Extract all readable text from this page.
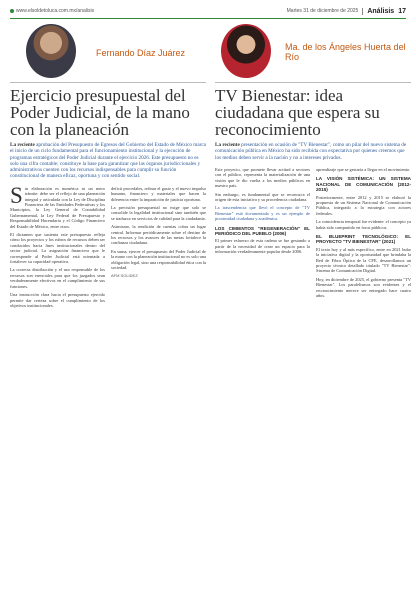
www.elsoldetoluca.com.mx/analisis	Martes 31 de diciembre de 2025 Análisis 17
Fernando Díaz Juárez
Ejercicio presupuestal del Poder Judicial, de la mano con la planeación
La reciente aprobación del Presupuesto de Egresos del Gobierno del Estado de México marca el inicio de un ciclo fundamental para el funcionamiento institucional y la ejecución de programas estratégicos del Poder Judicial durante el ejercicio 2026. Este presupuesto no es solo una cifra contable; constituye la base para garantizar que las órganos jurisdiccionales y administrativos cuenten con los recursos indispensables para cumplir su función constitucional de manera eficaz, oportuna y con sentido social.

Sin elaboración es numérica ni un mero trámite: debe ser el reflejo de una planeación integral y articulada con la Ley de Disciplina Financiera de las Entidades Federativas y los Municipios, la Ley General de Contabilidad Gubernamental, la Ley Federal de Presupuesto y Responsabilidad Hacendaria y el Código Financiero del Estado de México, entre otros.

El dictamen que sustenta este presupuesto refleja cómo los proyectos y los rubros de recursos deben ser conducidos hacia fines institucionales dentro del sector judicial. La asignación financiera que le corresponde al Poder Judicial está orientada a fortalecer su capacidad operativa.

La correcta distribución y el uso responsable de los recursos son esenciales para que los juzgados sean verdaderamente efectivos en el cumplimiento de sus funciones.

Una instrucción clara hacia el presupuesto ejercido permite dar certeza sobre el cumplimiento de los objetivos institucionales.

deficit procedales, refinar el gasto y el nuevo impulso humano, financiero y materiales que hacen la diferencia entre la impartición de justicia oportuna.

La precisión presupuestal no exige que solo se consolide la legalidad institucional sino también que se traduzca en servicios de calidad para la ciudadanía.

Asimismo, la rendición de cuentas cobra un lugar central. Informar periódicamente sobre el destino de los recursos y los avances de las metas fortalece la confianza ciudadana.

En suma, ejercer el presupuesto del Poder Judicial de la mano con la planeación institucional no es solo una obligación legal, sino una responsabilidad ética con la sociedad.

AFM SOLIDEZ
Ma. de los Ángeles Huerta del Río
TV Bienestar: idea ciudadana que espera su reconocimiento
La reciente presentación en ocasión de "TV Bienestar", como un pilar del nuevo sistema de comunicación pública en México ha sido recibida con expectativa por quienes creemos que los medios deben servir a la nación y no a intereses privados.

Este proyecto, que promete llevar actitud a sectores con el público, representa la materialización de una visión que le dio vuelta a los medios públicos en nuestro país.

Sin embargo, es fundamental que se reconozca el origen de esta iniciativa y su procedencia ciudadana.

La trascendencia que llevó el concepto de "TV Bienestar" está documentada y es un ejemplo de proximidad ciudadana y académica.

LOS CIMIENTOS "REGENERACIÓN" EL PERIÓDICO DEL PUEBLO (2006)

El primer esfuerzo de esta cadena se fue gestando a partir de la necesidad de crear un espacio para la información verdaderamente popular desde 2006.

aprendizaje que se gestaría a llegar en el movimiento.

LA VISIÓN SISTÉMICA: UN SISTEMA NACIONAL DE COMUNICACIÓN (2012-2015)

Posteriormente, entre 2012 y 2015 se elaboró la propuesta de un Sistema Nacional de Comunicación Pública, integrado a la estrategia con actores federales.

La coincidencia temporal fue evidente: el concepto ya había sido compartido en foros públicos.

EL BLUEPRINT TECNOLÓGICO: EL PROYECTO "TV BIENESTAR" (2021)

El texto hoy y al más específico, entre en 2021 hubo la iniciativa digital y la oportunidad que brindaba la Red de Fibra Óptica de la CFE, desarrollamos un proyecto técnico detallado titulado "TV Bienestar": Sistema de Comunicación Digital.

Hoy, en diciembre de 2025, el gobierno presenta "TV Bienestar". Los paralelismos son evidentes y el reconocimiento merece ser entregado hace cuatro años.
